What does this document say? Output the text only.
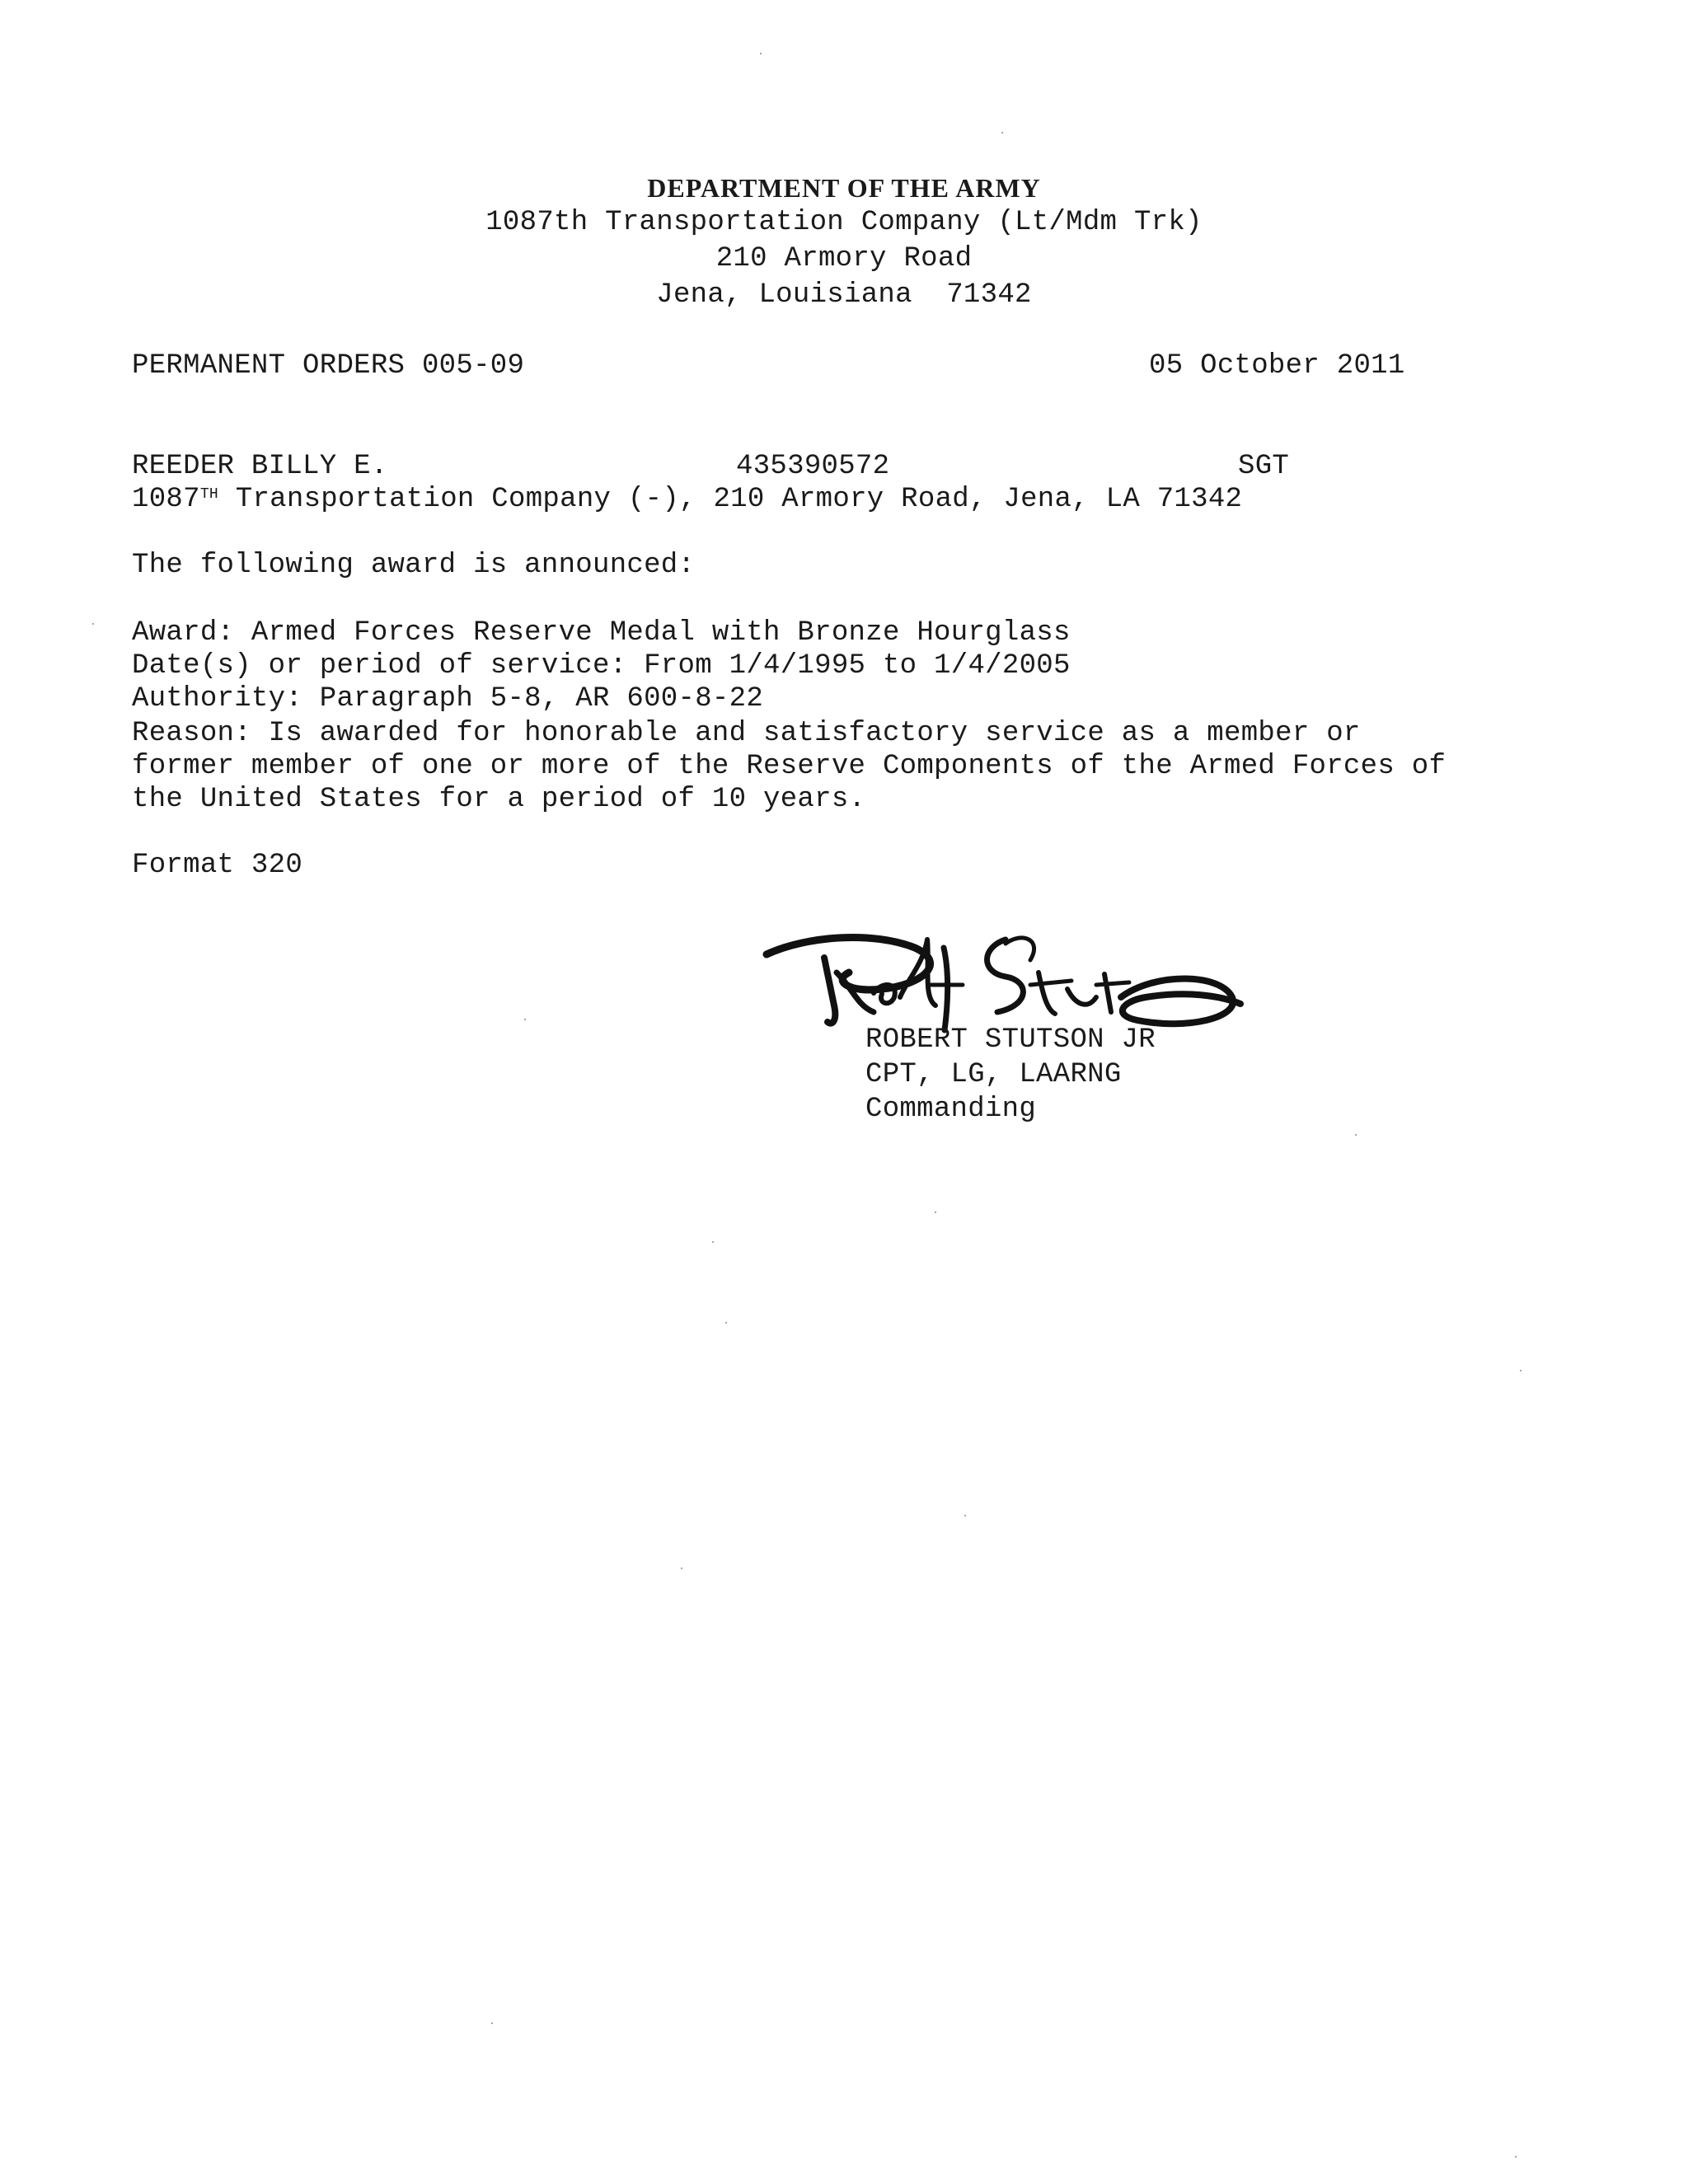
DEPARTMENT OF THE ARMY
1087th Transportation Company (Lt/Mdm Trk)
210 Armory Road
Jena, Louisiana  71342
PERMANENT ORDERS 005-09	05 October 2011
REEDER BILLY E.	435390572	SGT
1087TH Transportation Company (-), 210 Armory Road, Jena, LA 71342
The following award is announced:
Award: Armed Forces Reserve Medal with Bronze Hourglass
Date(s) or period of service: From 1/4/1995 to 1/4/2005
Authority: Paragraph 5-8, AR 600-8-22
Reason: Is awarded for honorable and satisfactory service as a member or
former member of one or more of the Reserve Components of the Armed Forces of
the United States for a period of 10 years.
Format 320
ROBERT STUTSON JR
CPT, LG, LAARNG
Commanding
